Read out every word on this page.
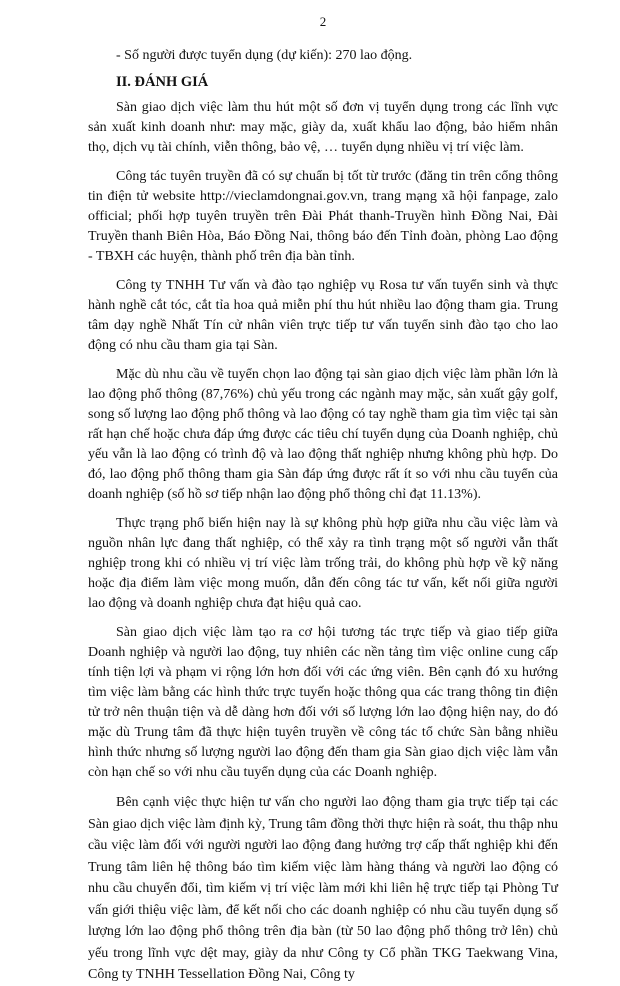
2
- Số người được tuyển dụng (dự kiến): 270 lao động.
II. ĐÁNH GIÁ

Sàn giao dịch việc làm thu hút một số đơn vị tuyển dụng trong các lĩnh vực sản xuất kinh doanh như: may mặc, giày da, xuất khẩu lao động, bảo hiểm nhân thọ, dịch vụ tài chính, viễn thông, bảo vệ, … tuyển dụng nhiều vị trí việc làm.

Công tác tuyên truyền đã có sự chuẩn bị tốt từ trước (đăng tin trên cổng thông tin điện tử website http://vieclamdongnai.gov.vn, trang mạng xã hội fanpage, zalo official; phối hợp tuyên truyền trên Đài Phát thanh-Truyền hình Đồng Nai, Đài Truyền thanh Biên Hòa, Báo Đồng Nai, thông báo đến Tỉnh đoàn, phòng Lao động - TBXH các huyện, thành phố trên địa bàn tỉnh.

Công ty TNHH Tư vấn và đào tạo nghiệp vụ Rosa tư vấn tuyển sinh và thực hành nghề cắt tóc, cắt tỉa hoa quả miễn phí thu hút nhiều lao động tham gia. Trung tâm dạy nghề Nhất Tín cử nhân viên trực tiếp tư vấn tuyển sinh đào tạo cho lao động có nhu cầu tham gia tại Sàn.

Mặc dù nhu cầu về tuyển chọn lao động tại sàn giao dịch việc làm phần lớn là lao động phổ thông (87,76%) chủ yếu trong các ngành may mặc, sản xuất gậy golf, song số lượng lao động phổ thông và lao động có tay nghề tham gia tìm việc tại sàn rất hạn chế hoặc chưa đáp ứng được các tiêu chí tuyển dụng của Doanh nghiệp, chủ yếu vẫn là lao động có trình độ và lao động thất nghiệp nhưng không phù hợp. Do đó, lao động phổ thông tham gia Sàn đáp ứng được rất ít so với nhu cầu tuyển của doanh nghiệp (số hồ sơ tiếp nhận lao động phổ thông chỉ đạt 11.13%).

Thực trạng phổ biến hiện nay là sự không phù hợp giữa nhu cầu việc làm và nguồn nhân lực đang thất nghiệp, có thể xảy ra tình trạng một số người vẫn thất nghiệp trong khi có nhiều vị trí việc làm trống trải, do không phù hợp về kỹ năng hoặc địa điểm làm việc mong muốn, dẫn đến công tác tư vấn, kết nối giữa người lao động và doanh nghiệp chưa đạt hiệu quả cao.

Sàn giao dịch việc làm tạo ra cơ hội tương tác trực tiếp và giao tiếp giữa Doanh nghiệp và người lao động, tuy nhiên các nền tảng tìm việc online cung cấp tính tiện lợi và phạm vi rộng lớn hơn đối với các ứng viên. Bên cạnh đó xu hướng tìm việc làm bằng các hình thức trực tuyến hoặc thông qua các trang thông tin điện tử trở nên thuận tiện và dễ dàng hơn đối với số lượng lớn lao động hiện nay, do đó mặc dù Trung tâm đã thực hiện tuyên truyền về công tác tổ chức Sàn bằng nhiều hình thức nhưng số lượng người lao động đến tham gia Sàn giao dịch việc làm vẫn còn hạn chế so với nhu cầu tuyển dụng của các Doanh nghiệp.

Bên cạnh việc thực hiện tư vấn cho người lao động tham gia trực tiếp tại các Sàn giao dịch việc làm định kỳ, Trung tâm đồng thời thực hiện rà soát, thu thập nhu cầu việc làm đối với người người lao động đang hưởng trợ cấp thất nghiệp khi đến Trung tâm liên hệ thông báo tìm kiếm việc làm hàng tháng và người lao động có nhu cầu chuyển đổi, tìm kiếm vị trí việc làm mới khi liên hệ trực tiếp tại Phòng Tư vấn giới thiệu việc làm, để kết nối cho các doanh nghiệp có nhu cầu tuyển dụng số lượng lớn lao động phổ thông trên địa bàn (từ 50 lao động phổ thông trở lên) chủ yếu trong lĩnh vực dệt may, giày da như Công ty Cổ phần TKG Taekwang Vina, Công ty TNHH Tessellation Đồng Nai, Công ty
